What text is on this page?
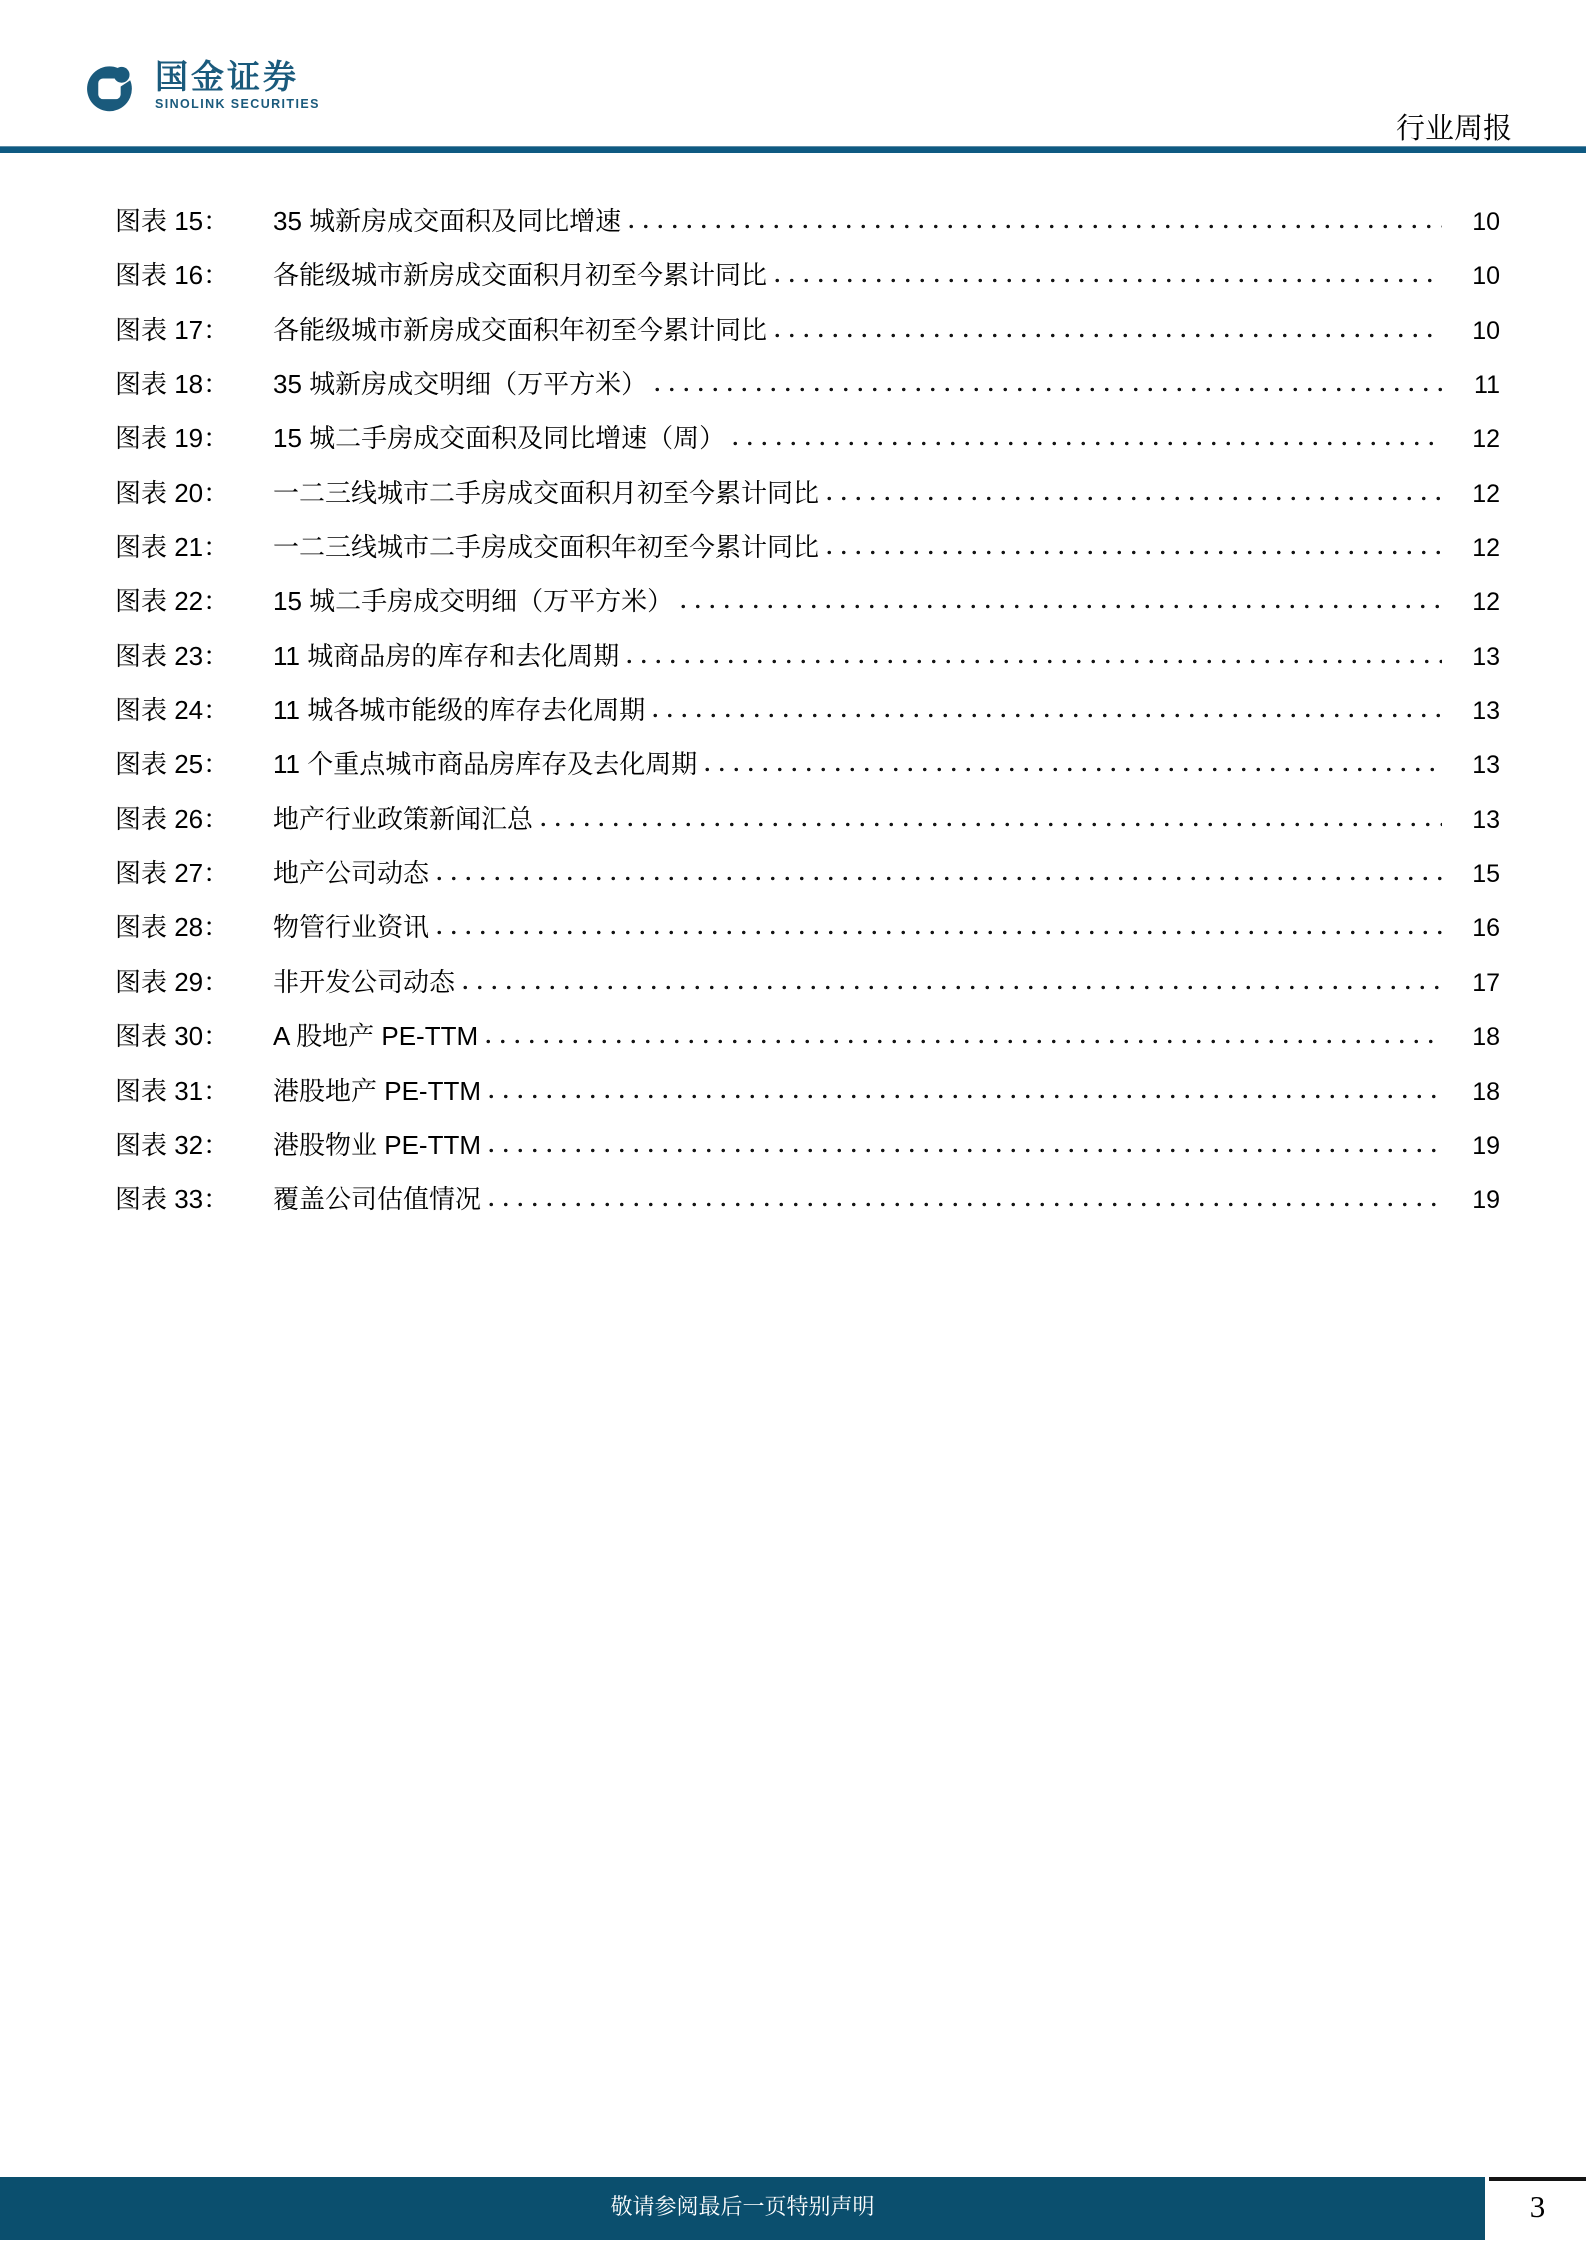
国金证券
SINOLINK SECURITIES
行业周报
图表 15：	35 城新房成交面积及同比增速	10
图表 16：	各能级城市新房成交面积月初至今累计同比	10
图表 17：	各能级城市新房成交面积年初至今累计同比	10
图表 18：	35 城新房成交明细（万平方米）	11
图表 19：	15 城二手房成交面积及同比增速（周）	12
图表 20：	一二三线城市二手房成交面积月初至今累计同比	12
图表 21：	一二三线城市二手房成交面积年初至今累计同比	12
图表 22：	15 城二手房成交明细（万平方米）	12
图表 23：	11 城商品房的库存和去化周期	13
图表 24：	11 城各城市能级的库存去化周期	13
图表 25：	11 个重点城市商品房库存及去化周期	13
图表 26：	地产行业政策新闻汇总	13
图表 27：	地产公司动态	15
图表 28：	物管行业资讯	16
图表 29：	非开发公司动态	17
图表 30：	A 股地产 PE-TTM	18
图表 31：	港股地产 PE-TTM	18
图表 32：	港股物业 PE-TTM	19
图表 33：	覆盖公司估值情况	19
敬请参阅最后一页特别声明	3
